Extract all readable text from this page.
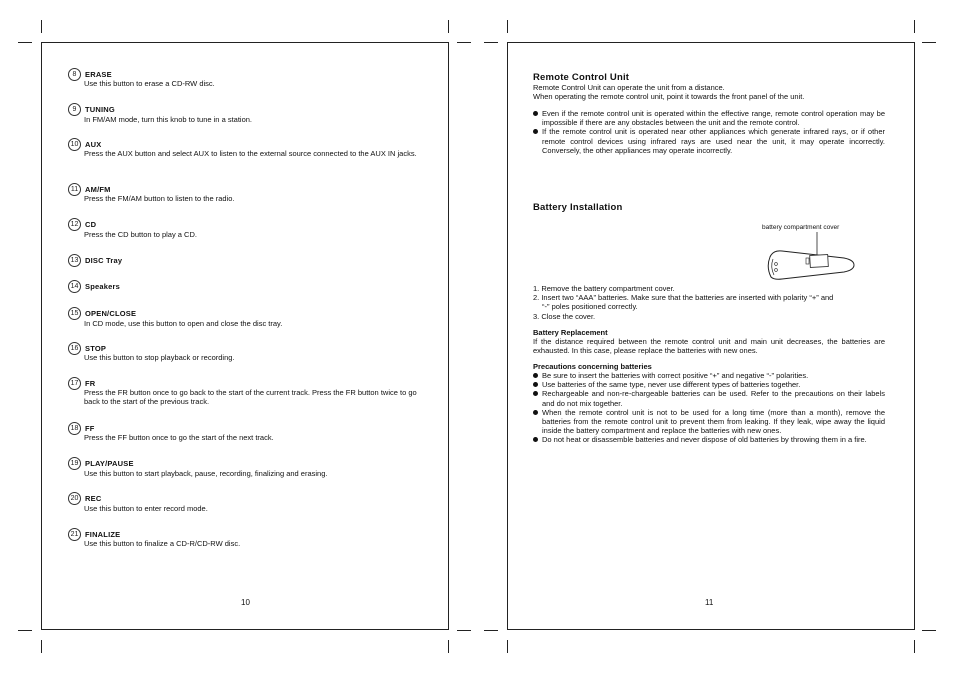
8	ERASE
Use this button to erase a CD-RW disc.
9	TUNING
In FM/AM mode, turn this knob to tune in a station.
10 AUX
Press the AUX button and select AUX to listen to the external source connected to the AUX IN jacks.
11 AM/FM
Press the FM/AM button to listen to the radio.
12 CD
Press the CD button to play a CD.
13 DISC Tray
14 Speakers
15 OPEN/CLOSE
In CD mode, use this button to open and close the disc tray.
16 STOP
Use this button to stop playback or recording.
17 FR
Press the FR button once to go back to the start of the current track. Press the FR button twice to go back to the start of the previous track.
18 FF
Press the FF button once to go the start of the next track.
19 PLAY/PAUSE
Use this button to start playback, pause, recording, finalizing and erasing.
20 REC
Use this button to enter record mode.
21 FINALIZE
Use this button to finalize a CD-R/CD-RW disc.
10
Remote Control Unit
Remote Control Unit can operate the unit from a distance.
When operating the remote control unit, point it towards the front panel of the unit.
Even if the remote control unit is operated within the effective range, remote control operation may be impossible if there are any obstacles between the unit and the remote control.
If the remote control unit is operated near other appliances which generate infrared rays, or if other remote control devices using infrared rays are used near the unit, it may operate incorrectly. Conversely, the other appliances may operate incorrectly.
Battery Installation
battery compartment cover
1. Remove the battery compartment cover.
2. Insert two “AAA” batteries. Make sure that the batteries are inserted with polarity “+” and
“-” poles positioned correctly.
3. Close the cover.
Battery Replacement
If the distance required between the remote control unit and main unit decreases, the batteries are exhausted. In this case, please replace the batteries with new ones.
Precautions concerning batteries
Be sure to insert the batteries with correct positive “+” and negative “-” polarities.
Use batteries of the same type, never use different types of batteries together.
Rechargeable and non-re-chargeable batteries can be used. Refer to the precautions on their labels and do not mix together.
When the remote control unit is not to be used for a long time (more than a month), remove the batteries from the remote control unit to prevent them from leaking. If they leak, wipe away the liquid inside the battery compartment and replace the batteries with new ones.
Do not heat or disassemble batteries and never dispose of old batteries by throwing them in a fire.
11
